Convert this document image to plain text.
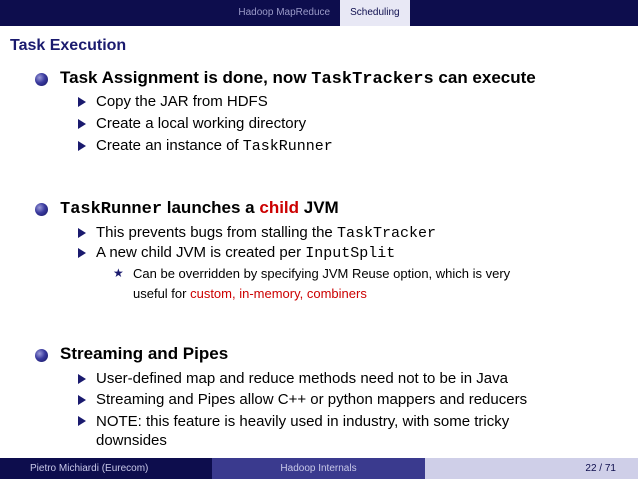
Hadoop MapReduce	Scheduling
Task Execution
Task Assignment is done, now TaskTrackers can execute
Copy the JAR from HDFS
Create a local working directory
Create an instance of TaskRunner
TaskRunner launches a child JVM
This prevents bugs from stalling the TaskTracker
A new child JVM is created per InputSplit
★ Can be overridden by specifying JVM Reuse option, which is very
useful for custom, in-memory, combiners
Streaming and Pipes
User-defined map and reduce methods need not to be in Java
Streaming and Pipes allow C++ or python mappers and reducers
NOTE: this feature is heavily used in industry, with some tricky
downsides
Pietro Michiardi (Eurecom)	Hadoop Internals	22 / 71
